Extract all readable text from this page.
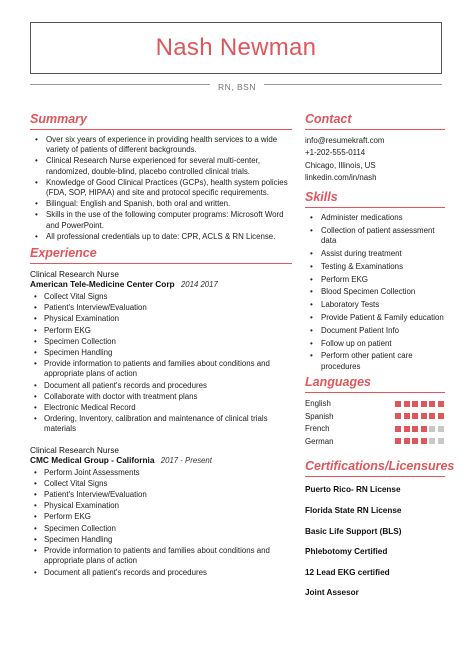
Nash Newman
RN, BSN
Summary
• Over six years of experience in providing health services to a wide variety of patients of different backgrounds.
• Clinical Research Nurse experienced for several multi-center, randomized, double-blind, placebo controlled clinical trials.
• Knowledge of Good Clinical Practices (GCPs), health system policies (FDA, SOP, HIPAA) and site and protocol specific requirements.
• Bilingual: English and Spanish, both oral and written.
• Skills in the use of the following computer programs: Microsoft Word and PowerPoint.
• All professional credentials up to date: CPR, ACLS & RN License.
Experience
Clinical Research Nurse
American Tele-Medicine Center Corp 2014 2017
• Collect Vital Signs
• Patient's Interview/Evaluation
• Physical Examination
• Perform EKG
• Specimen Collection
• Specimen Handling
• Provide information to patients and families about conditions and appropriate plans of action
• Document all patient's records and procedures
• Collaborate with doctor with treatment plans
• Electronic Medical Record
• Ordering, Inventory, calibration and maintenance of clinical trials materials
Clinical Research Nurse
CMC Medical Group - California 2017 - Present
• Perform Joint Assessments
• Collect Vital Signs
• Patient's Interview/Evaluation
• Physical Examination
• Perform EKG
• Specimen Collection
• Specimen Handling
• Provide information to patients and families about conditions and appropriate plans of action
• Document all patient's records and procedures
Contact
info@resumekraft.com
+1-202-555-0114
Chicago, Illinois, US
linkedin.com/in/nash
Skills
• Administer medications
• Collection of patient assessment data
• Assist during treatment
• Testing & Examinations
• Perform EKG
• Blood Specimen Collection
• Laboratory Tests
• Provide Patient & Family education
• Document Patient Info
• Follow up on patient
• Perform other patient care procedures
Languages
English
Spanish
French
German
Certifications/Licensures
Puerto Rico- RN License
Florida State RN License
Basic Life Support (BLS)
Phlebotomy Certified
12 Lead EKG certified
Joint Assesor
